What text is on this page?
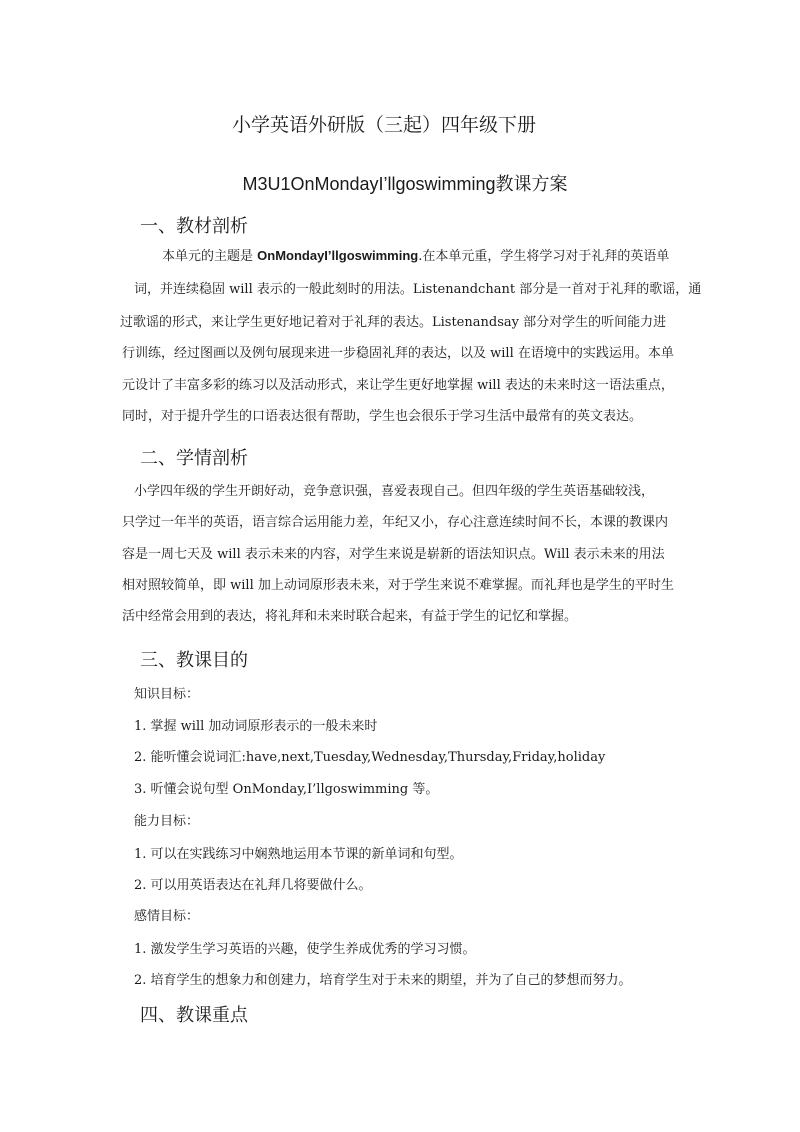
小学英语外研版（三起）四年级下册
M3U1OnMondayI’llgoswimming教课方案
一、教材剖析
本单元的主题是 OnMondayI’llgoswimming.在本单元重，学生将学习对于礼拜的英语单
词，并连续稳固 will 表示的一般此刻时的用法。Listenandchant 部分是一首对于礼拜的歌谣，通
过歌谣的形式，来让学生更好地记着对于礼拜的表达。Listenandsay 部分对学生的听间能力进
行训练，经过图画以及例句展现来进一步稳固礼拜的表达，以及 will 在语境中的实践运用。本单
元设计了丰富多彩的练习以及活动形式，来让学生更好地掌握 will 表达的未来时这一语法重点，
同时，对于提升学生的口语表达很有帮助，学生也会很乐于学习生活中最常有的英文表达。
二、学情剖析
小学四年级的学生开朗好动，竞争意识强，喜爱表现自己。但四年级的学生英语基础较浅，
只学过一年半的英语，语言综合运用能力差，年纪又小，存心注意连续时间不长，本课的教课内
容是一周七天及 will 表示未来的内容，对学生来说是崭新的语法知识点。Will 表示未来的用法
相对照较简单，即 will 加上动词原形表未来，对于学生来说不难掌握。而礼拜也是学生的平时生
活中经常会用到的表达，将礼拜和未来时联合起来，有益于学生的记忆和掌握。
三、教课目的
知识目标：
1. 掌握 will 加动词原形表示的一般未来时
2. 能听懂会说词汇:have,next,Tuesday,Wednesday,Thursday,Friday,holiday
3. 听懂会说句型 OnMonday,I’llgoswimming 等。
能力目标：
1. 可以在实践练习中娴熟地运用本节课的新单词和句型。
2. 可以用英语表达在礼拜几将要做什么。
感情目标：
1. 激发学生学习英语的兴趣，使学生养成优秀的学习习惯。
2. 培育学生的想象力和创建力，培育学生对于未来的期望，并为了自己的梦想而努力。
四、教课重点
